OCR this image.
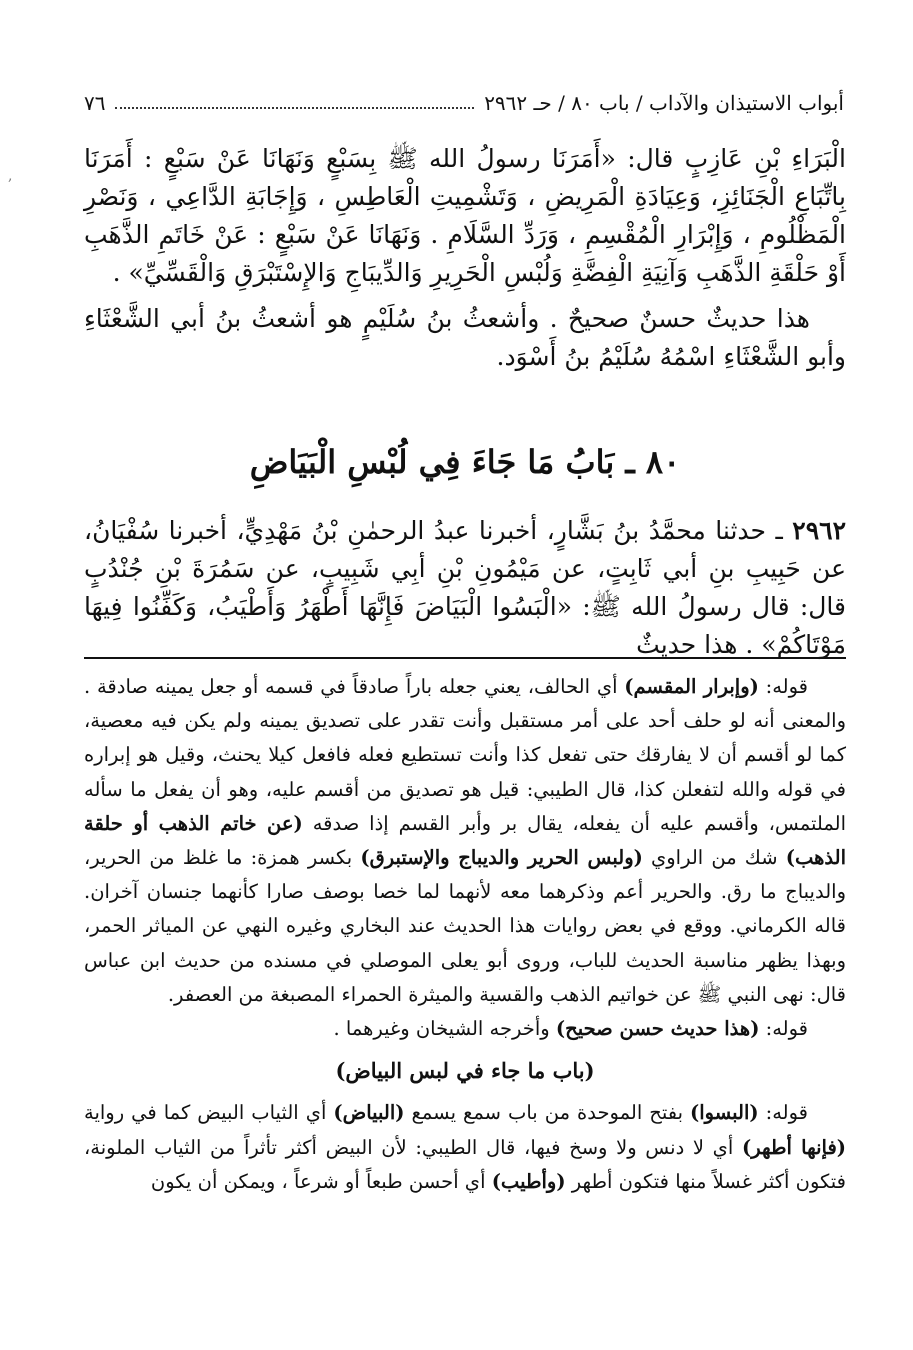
,
أبواب الاستيذان والآداب / باب ٨٠ / حـ ٢٩٦٢
٧٦

الْبَرَاءِ بْنِ عَازِبٍ قال: «أَمَرَنَا رسولُ الله ﷺ بِسَبْعٍ وَنَهَانَا عَنْ سَبْعٍ : أَمَرَنَا بِاتِّبَاعِ الْجَنَائِزِ، وَعِيَادَةِ الْمَرِيضِ ، وَتَشْمِيتِ الْعَاطِسِ ، وَإِجَابَةِ الدَّاعِي ، وَنَصْرِ الْمَظْلُومِ ، وَإِبْرَارِ الْمُقْسِمِ ، وَرَدِّ السَّلَامِ . وَنَهَانَا عَنْ سَبْعٍ : عَنْ خَاتَمِ الذَّهَبِ أَوْ حَلْقَةِ الذَّهَبِ وَآنِيَةِ الْفِضَّةِ وَلُبْسِ الْحَرِيرِ وَالدِّيبَاجِ وَالإِسْتَبْرَقِ وَالْقَسِّيِّ» .

هذا حديثٌ حسنٌ صحيحٌ . وأشعثُ بنُ سُلَيْمٍ هو أشعثُ بنُ أبي الشَّعْثَاءِ وأبو الشَّعْثَاءِ اسْمُهُ سُلَيْمُ بنُ أَسْوَد.

٨٠ ـ بَابُ مَا جَاءَ فِي لُبْسِ الْبَيَاضِ
٢٩٦٢ ـ حدثنا محمَّدُ بنُ بَشَّارٍ، أخبرنا عبدُ الرحمٰنِ بْنُ مَهْدِيٍّ، أخبرنا سُفْيَانُ، عن حَبِيبِ بنِ أبي ثَابِتٍ، عن مَيْمُونِ بْنِ أبِي شَبِيبٍ، عن سَمُرَةَ بْنِ جُنْدُبٍ قال: قال رسولُ الله ﷺ: «الْبَسُوا الْبَيَاضَ فَإِنَّهَا أَطْهَرُ وَأَطْيَبُ، وَكَفِّنُوا فِيهَا مَوْتَاكُمْ» . هذا حديثٌ

قوله: (وإبرار المقسم) أي الحالف، يعني جعله باراً صادقاً في قسمه أو جعل يمينه صادقة . والمعنى أنه لو حلف أحد على أمر مستقبل وأنت تقدر على تصديق يمينه ولم يكن فيه معصية، كما لو أقسم أن لا يفارقك حتى تفعل كذا وأنت تستطيع فعله فافعل كيلا يحنث، وقيل هو إبراره في قوله والله لتفعلن كذا، قال الطيبي: قيل هو تصديق من أقسم عليه، وهو أن يفعل ما سأله الملتمس، وأقسم عليه أن يفعله، يقال بر وأبر القسم إذا صدقه (عن خاتم الذهب أو حلقة الذهب) شك من الراوي (ولبس الحرير والديباج والإستبرق) بكسر همزة: ما غلظ من الحرير، والديباج ما رق. والحرير أعم وذكرهما معه لأنهما لما خصا بوصف صارا كأنهما جنسان آخران. قاله الكرماني. ووقع في بعض روايات هذا الحديث عند البخاري وغيره النهي عن المياثر الحمر، وبهذا يظهر مناسبة الحديث للباب، وروى أبو يعلى الموصلي في مسنده من حديث ابن عباس قال: نهى النبي ﷺ عن خواتيم الذهب والقسية والميثرة الحمراء المصبغة من العصفر.

قوله: (هذا حديث حسن صحيح) وأخرجه الشيخان وغيرهما .

(باب ما جاء في لبس البياض)

قوله: (البسوا) بفتح الموحدة من باب سمع يسمع (البياض) أي الثياب البيض كما في رواية (فإنها أطهر) أي لا دنس ولا وسخ فيها، قال الطيبي: لأن البيض أكثر تأثراً من الثياب الملونة، فتكون أكثر غسلاً منها فتكون أطهر (وأطيب) أي أحسن طبعاً أو شرعاً ، ويمكن أن يكون
